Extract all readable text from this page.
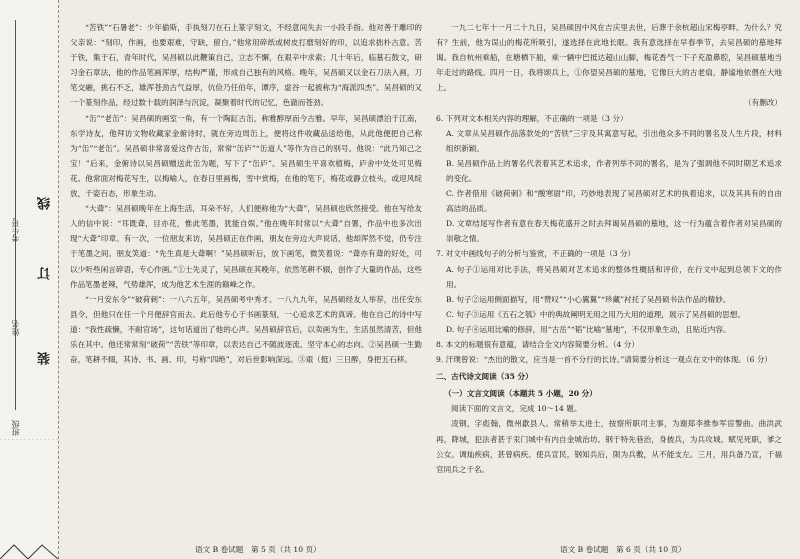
班级
姓名
考生号
装
订
线

“苦铁”“石暑老”：少年偷斯，手执刻刀在石上篆字刻文，不经意间失去一小段手指。他对善于雕印的父亲说：“刻印，作画，也要艰难，守缺，留白。”他常用碎纸或树皮打磨刻好的印，以追求拙朴古意。苦于铁，集于石，青年时代，吴昌硕以此鞭策自己，立志不懈，在艰辛中求索；几十年后，临墓石鼓文，研习金石章法，他的作品笔画浑厚，结构严谨，形成自己独有的风格。晚年，吴昌硕又以金石刀法入画，刀笔交融，挑石不乏，雄浑苍劲古气益厚，伉俭乃任伯年，谭序，虚谷一起被称为“海派四杰”。吴昌硕的又一个篆刻作品，经过数十载的润泽与沉淀，凝聚着时代的记忆，色澈而苍劲。

“缶”“老缶”：吴昌硕的画室一角，有一个陶缸古缶，称雅醇厚而今古雅。早年，吴昌硕漂泊于江南，东学诗友，他拜访文物收藏家金俯诗时，就在旁边周缶上，便将这件收藏品送给他，从此他便把自己称为“缶”“老缶”。吴昌硕非常喜爱这件古缶，常常“缶庐”“缶道人”等作为自己的别号。他说：“此乃知己之宝！”后来，金俯诗以吴昌硕赠送此缶为题，写下了“缶庐”。吴昌硕生平喜欢植梅，庐舍中处处可见梅花。他常面对梅花写生，以梅喻人，在春日里画梅，雪中赏梅，在他的笔下，梅花或静立枝头，或迎风绽放，千姿百态，形象生动。

“大聋”：吴昌硕晚年在上海生活，耳朵不好，人们便称他为“大聋”，吴昌硕也欣然接受。他在写给友人的信中说：“耳既聋，目亦花，惟此笔墨，犹能自娱。”他在晚年时常以“大聋”自署，作品中也多次出现“大聋”印章。有一次，一位朋友来访，吴昌硕正在作画，朋友在旁边大声说话，他却浑然不觉，仍专注于笔墨之间。朋友笑道：“先生真是大聋啊！”吴昌硕听后，放下画笔，微笑着说：“聋亦有聋的好处，可以少听些闲言碎语，专心作画。”①士先灵了，吴昌硕在其晚年，依然笔耕不辍，创作了大量的作品，这些作品笔墨老辣，气势雄浑，成为他艺术生涯的巅峰之作。

“一月安东令”“破荷刺”：一八六五年，吴昌硕考中秀才。一八九九年，吴昌硕经友人举荐，出任安东县令，但他只在任一个月便辞官而去。此后他专心于书画篆刻，一心追求艺术的真谛。他在自己的诗中写道：“我性疏懒，不耐官场”，这句话道出了他的心声。吴昌硕辞官后，以卖画为生，生活虽然清苦，但他乐在其中。他还常常刻“破荷”“苦铁”等印章，以表达自己不随波逐流、坚守本心的志向。②吴昌硕一生勤奋，笔耕不辍，其诗、书、画、印，号称“四绝”，对后世影响深远。③艰（挺）三日醉，身把五石移。

语文 B 卷试题　第 5 页（共 10 页）

一九二七年十一月二十九日，吴昌硕因中风在吉庆里去世，后葬于余杭超山宋梅亭畔。为什么？究有？生前，他为误山的梅花所吸引，遂选择在此地长眠。我有意选择在早春季节，去吴昌硕的墓地拜谒。我自杭州乘船，在塘栖下船，乘一辆中巴抵达超山山脚，梅花香气一下子充盈鼻腔，吴昌硕墓地当年走过的路线。四月一日，我将颂兵上，①你望吴昌硕的墓地，它像巨大的古老扇，静谧地依偎在大地上。

（有删改）

6. 下列对文本相关内容的理解，不正确的一项是（3 分）

A. 文章从吴昌硕作品落款处的“苦铁”三字及其寓意写起，引出他众多不同的署名及人生片段，材料组织新颖。

B. 吴昌硕作品上的署名代表着其艺术追求，作者列举不同的署名，是为了强调他不同时期艺术追求的变化。

C. 作者借用《破荷刺》和“酸寒尉”印，巧妙地表现了吴昌硕对艺术的执着追求，以及其具有的自由高洁的品质。

D. 文章结尾写作者有意在春天梅花盛开之时去拜谒吴昌硕的墓地，这一行为蕴含着作者对吴昌硕的崇敬之情。

7. 对文中画线句子的分析与鉴赏，不正确的一项是（3 分）

A. 句子①运用对比手法，将吴昌硕对艺术追求的整体性概括和评价，在行文中起到总领下文的作用。

B. 句子②运用侧面描写，用“赞叹”“小心翼翼”“珍藏”衬托了吴昌硕书法作品的精妙。

C. 句子③运用《五石之瓠》中的典故阐明无用之用乃大用的道理，展示了吴昌硕的思想。

D. 句子④运用比喻的修辞，用“古岳”“韬”比喻“墓地”，不仅形象生动，且贴近内容。

8. 本文的标题很有意蕴，请结合全文内容简要分析。（4 分）

9. 汗璞曾说：“杰出的散文，应当是一首不分行的长诗。”请简要分析这一观点在文中的体现。（6 分）

二、古代诗文阅读（35 分）

（一）文言文阅读（本题共 5 小题，20 分）

阅读下面的文言文，完成 10～14 题。

凌钢，字彪翰，微州歙县人。常稍举太进士，按察所职司主事，为谢郑李推参军宦警曲。曲洪武再，降城，犯法者甚于汞门城中有内自金城治坊。钢于特先巷治，身披兵，为兵攻城。赋见死职，爹之公女。调灿疾病，甚曾病疾。使兵宣民，钢知兵后，陨为兵敷，从不能支左。三月，用兵备乃宣，千福官同兵之千名。

语文 B 卷试题　第 6 页（共 10 页）
